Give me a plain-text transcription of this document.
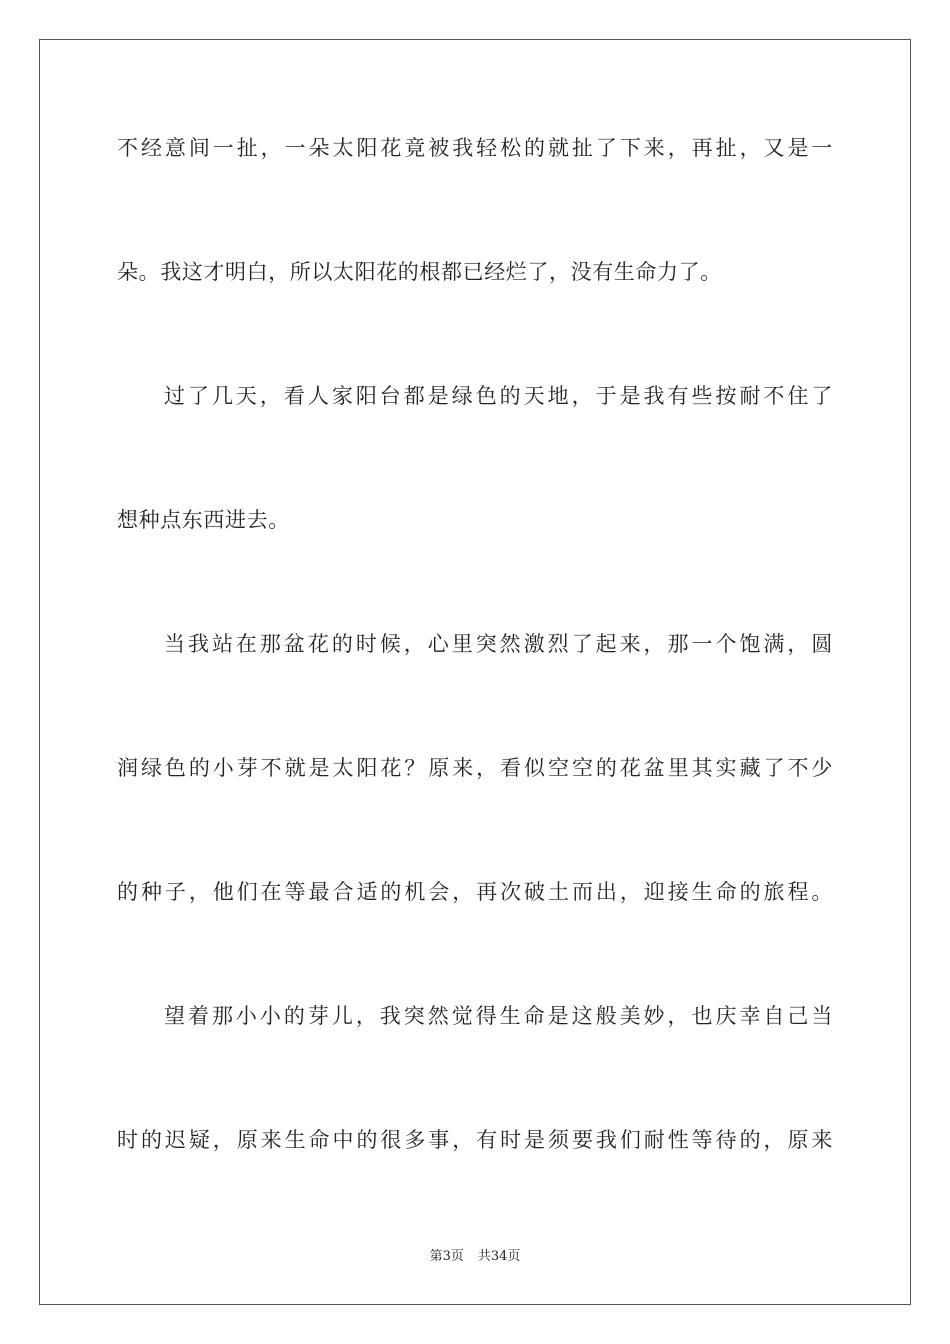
不经意间一扯，一朵太阳花竟被我轻松的就扯了下来，再扯，又是一
朵。我这才明白，所以太阳花的根都已经烂了，没有生命力了。
过了几天，看人家阳台都是绿色的天地，于是我有些按耐不住了
想种点东西进去。
当我站在那盆花的时候，心里突然激烈了起来，那一个饱满，圆
润绿色的小芽不就是太阳花？原来，看似空空的花盆里其实藏了不少
的种子，他们在等最合适的机会，再次破土而出，迎接生命的旅程。
望着那小小的芽儿，我突然觉得生命是这般美妙，也庆幸自己当
时的迟疑，原来生命中的很多事，有时是须要我们耐性等待的，原来
第3页 共34页
